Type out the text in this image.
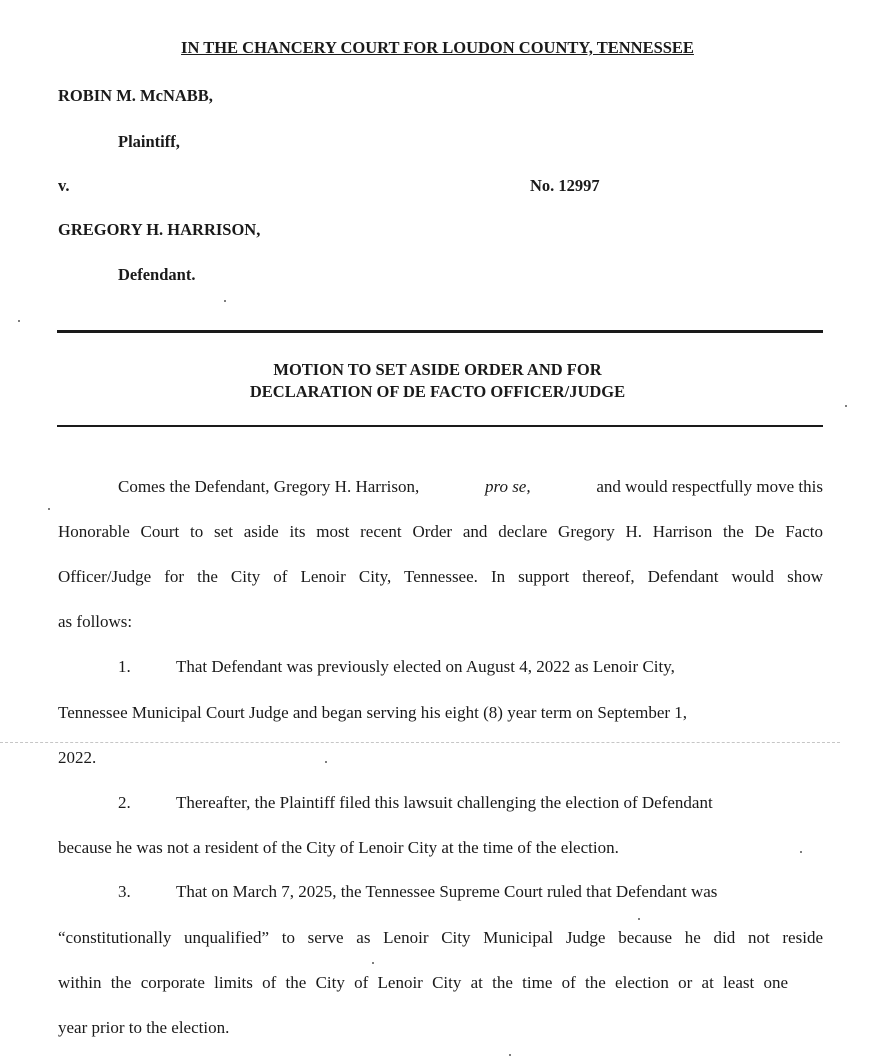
IN THE CHANCERY COURT FOR LOUDON COUNTY, TENNESSEE
ROBIN M. McNABB,
Plaintiff,
v.	No. 12997
GREGORY H. HARRISON,
Defendant.
MOTION TO SET ASIDE ORDER AND FOR
DECLARATION OF DE FACTO OFFICER/JUDGE
Comes the Defendant, Gregory H. Harrison,	pro se,	and would respectfully move this
Honorable Court to set aside its most recent Order and declare Gregory H. Harrison the De Facto
Officer/Judge for the City of Lenoir City, Tennessee. In support thereof, Defendant would show
as follows:
1.	That Defendant was previously elected on August 4, 2022 as Lenoir City,
Tennessee Municipal Court Judge and began serving his eight (8) year term on September 1,
2022.
2.	Thereafter, the Plaintiff filed this lawsuit challenging the election of Defendant
because he was not a resident of the City of Lenoir City at the time of the election.
3.	That on March 7, 2025, the Tennessee Supreme Court ruled that Defendant was
“constitutionally unqualified” to serve as Lenoir City Municipal Judge because he did not reside
within the corporate limits of the City of Lenoir City at the time of the election or at least one
year prior to the election.
